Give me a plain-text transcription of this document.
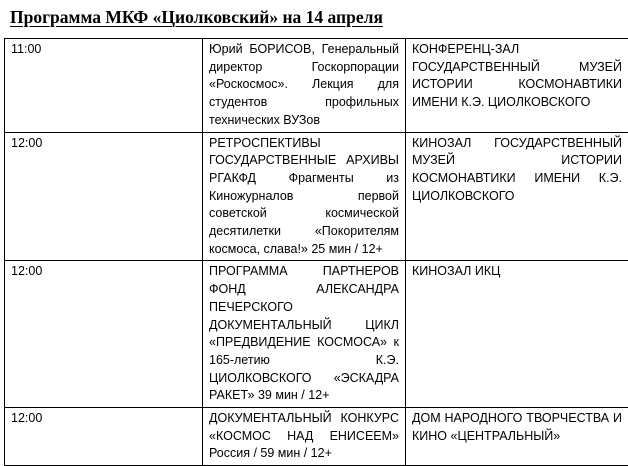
Программа МКФ «Циолковский» на 14 апреля
11:00	Юрий БОРИСОВ, Генеральный директор Госкорпорации «Роскосмос». Лекция для студентов профильных технических ВУЗов	КОНФЕРЕНЦ-ЗАЛ ГОСУДАРСТВЕННЫЙ МУЗЕЙ ИСТОРИИ КОСМОНАВТИКИ ИМЕНИ К.Э. ЦИОЛКОВСКОГО
12:00	РЕТРОСПЕКТИВЫ ГОСУДАРСТВЕННЫЕ АРХИВЫ РГАКФД Фрагменты из Киножурналов первой советской космической десятилетки «Покорителям космоса, слава!» 25 мин / 12+	КИНОЗАЛ ГОСУДАРСТВЕННЫЙ МУЗЕЙ ИСТОРИИ КОСМОНАВТИКИ ИМЕНИ К.Э. ЦИОЛКОВСКОГО
12:00	ПРОГРАММА ПАРТНЕРОВ ФОНД АЛЕКСАНДРА ПЕЧЕРСКОГО ДОКУМЕНТАЛЬНЫЙ ЦИКЛ «ПРЕДВИДЕНИЕ КОСМОСА» к 165-летию К.Э. ЦИОЛКОВСКОГО «ЭСКАДРА РАКЕТ» 39 мин / 12+	КИНОЗАЛ ИКЦ
12:00	ДОКУМЕНТАЛЬНЫЙ КОНКУРС «КОСМОС НАД ЕНИСЕЕМ» Россия / 59 мин / 12+	ДОМ НАРОДНОГО ТВОРЧЕСТВА И КИНО «ЦЕНТРАЛЬНЫЙ»
